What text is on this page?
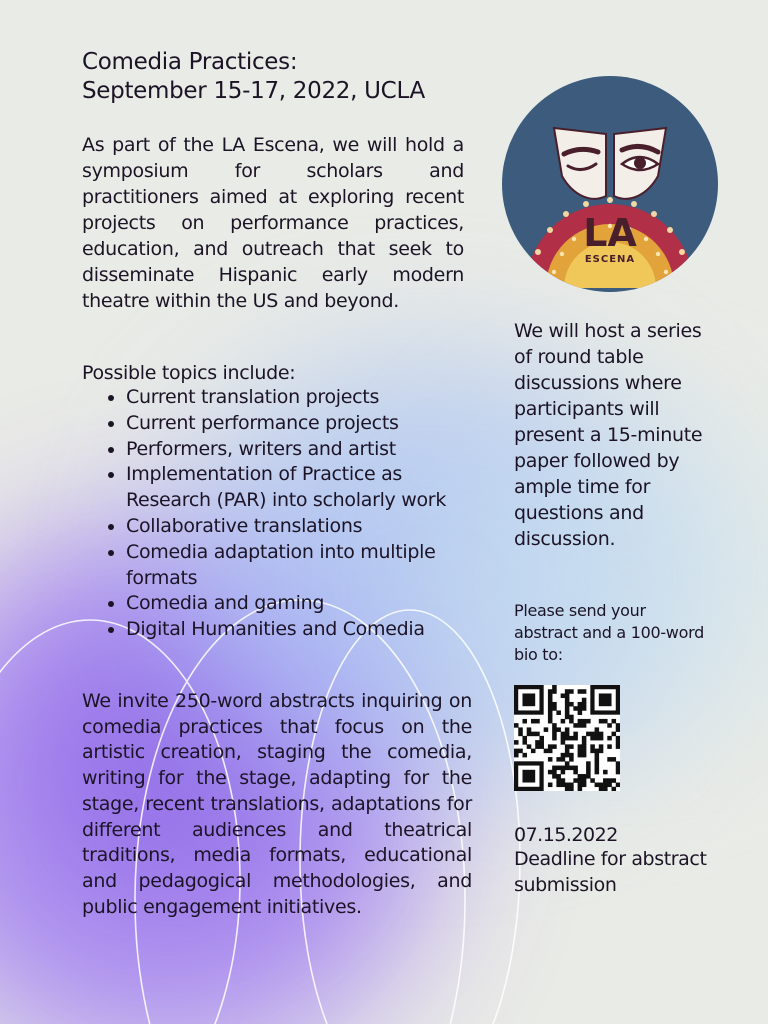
Comedia Practices:
September 15-17, 2022, UCLA

As part of the LA Escena, we will hold a symposium for scholars and practitioners aimed at exploring recent projects on performance practices, education, and outreach that seek to disseminate Hispanic early modern theatre within the US and beyond.

Possible topics include:

• Current translation projects
• Current performance projects
• Performers, writers and artist
• Implementation of Practice as Research (PAR) into scholarly work
• Collaborative translations
• Comedia adaptation into multiple formats
• Comedia and gaming
• Digital Humanities and Comedia

We invite 250-word abstracts inquiring on comedia practices that focus on the artistic creation, staging the comedia, writing for the stage, adapting for the stage, recent translations, adaptations for different audiences and theatrical traditions, media formats, educational and pedagogical methodologies, and public engagement initiatives.

LA
ESCENA

We will host a series of round table discussions where participants will present a 15-minute paper followed by ample time for questions and discussion.

Please send your abstract and a 100-word bio to:

07.15.2022

Deadline for abstract submission
